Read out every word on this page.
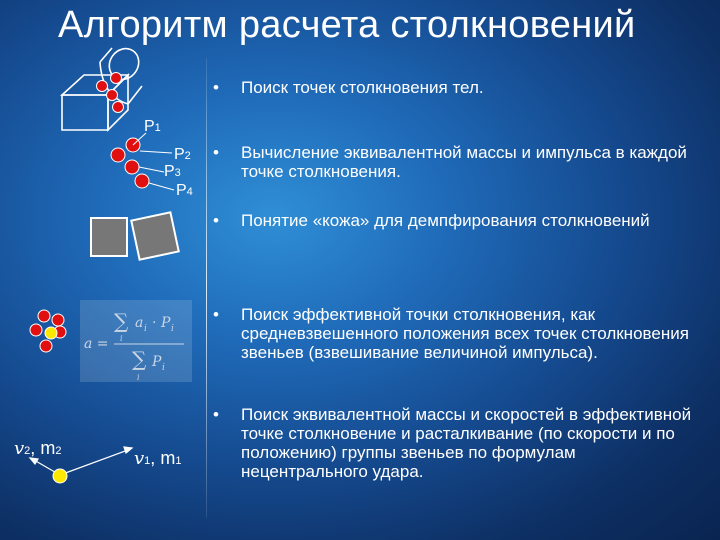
Алгоритм расчета столкновений
•	Поиск точек столкновения тел.
•	Вычисление эквивалентной массы и импульса в каждой точке столкновения.
•	Понятие «кожа» для демпфирования столкновений
•	Поиск эффективной точки столкновения, как средневзвешенного положения всех точек столкновения звеньев (взвешивание величиной импульса).
•	Поиск эквивалентной массы и скоростей в эффективной точке столкновение и расталкивание (по скорости и по положению) группы звеньев по формулам нецентрального удара.
P1
P2
P3
P4
v2, m2	v1, m1
a =
∑ a i · P i
i
∑ P i
i
